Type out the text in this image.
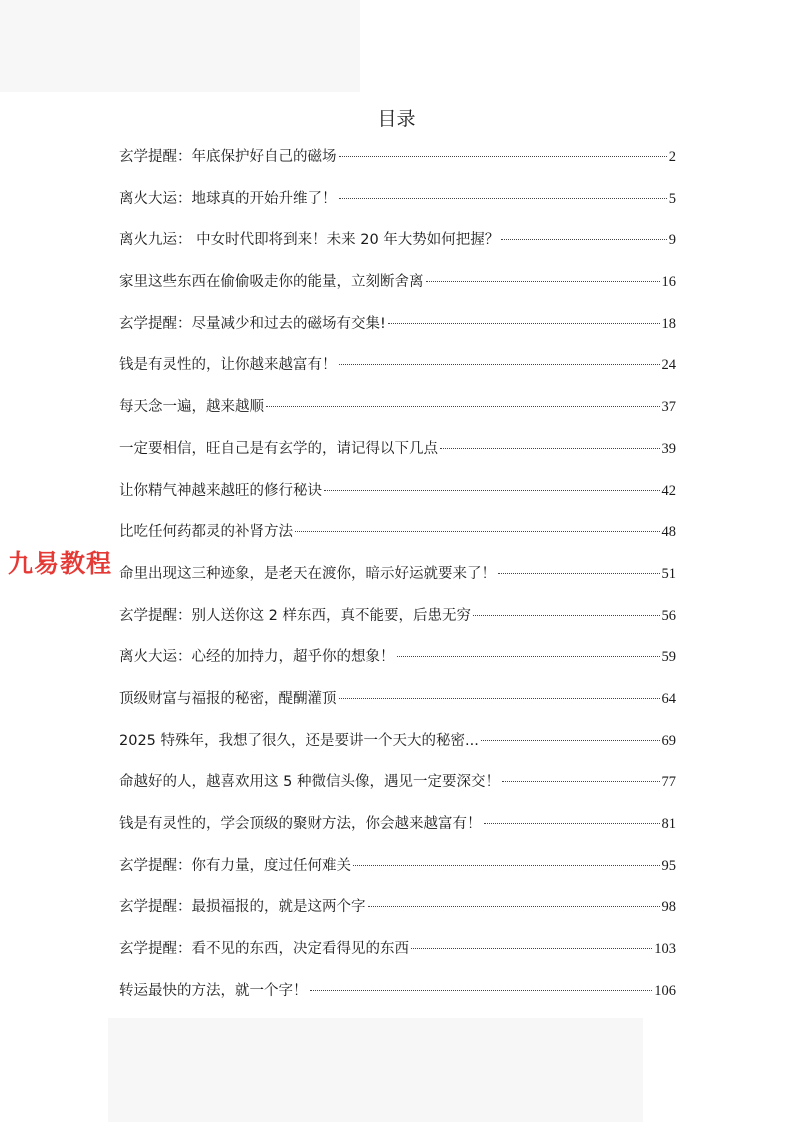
目录
玄学提醒：年底保护好自己的磁场	2
离火大运：地球真的开始升维了！	5
离火九运： 中女时代即将到来！未来 20 年大势如何把握？	9
家里这些东西在偷偷吸走你的能量，立刻断舍离	16
玄学提醒：尽量减少和过去的磁场有交集!	18
钱是有灵性的，让你越来越富有！	24
每天念一遍，越来越顺	37
一定要相信，旺自己是有玄学的，请记得以下几点	39
让你精气神越来越旺的修行秘诀	42
比吃任何药都灵的补肾方法	48
命里出现这三种迹象，是老天在渡你，暗示好运就要来了！	51
玄学提醒：别人送你这 2 样东西，真不能要，后患无穷	56
离火大运：心经的加持力，超乎你的想象！	59
顶级财富与福报的秘密，醍醐灌顶	64
2025 特殊年，我想了很久，还是要讲一个天大的秘密...	69
命越好的人，越喜欢用这 5 种微信头像，遇见一定要深交！	77
钱是有灵性的，学会顶级的聚财方法，你会越来越富有！	81
玄学提醒：你有力量，度过任何难关	95
玄学提醒：最损福报的，就是这两个字	98
玄学提醒：看不见的东西，决定看得见的东西	103
转运最快的方法，就一个字！	106
九易教程
